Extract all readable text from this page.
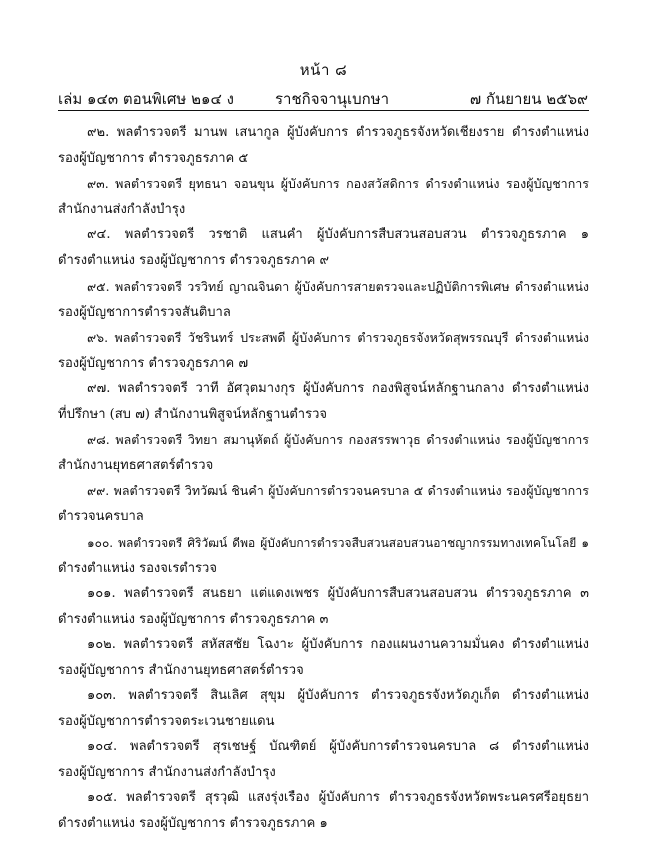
หน้า ๘
เล่ม ๑๔๓ ตอนพิเศษ ๒๑๔ ง	ราชกิจจานุเบกษา	๗ กันยายน ๒๕๖๙
๙๒. พลตำรวจตรี มานพ เสนากูล ผู้บังคับการ ตำรวจภูธรจังหวัดเชียงราย ดำรงตำแหน่ง
รองผู้บัญชาการ ตำรวจภูธรภาค ๕
๙๓. พลตำรวจตรี ยุทธนา จอนขุน ผู้บังคับการ กองสวัสดิการ ดำรงตำแหน่ง รองผู้บัญชาการ
สำนักงานส่งกำลังบำรุง
๙๔. พลตำรวจตรี วรชาติ แสนคำ ผู้บังคับการสืบสวนสอบสวน ตำรวจภูธรภาค ๑
ดำรงตำแหน่ง รองผู้บัญชาการ ตำรวจภูธรภาค ๙
๙๕. พลตำรวจตรี วรวิทย์ ญาณจินดา ผู้บังคับการสายตรวจและปฏิบัติการพิเศษ ดำรงตำแหน่ง
รองผู้บัญชาการตำรวจสันติบาล
๙๖. พลตำรวจตรี วัชรินทร์ ประสพดี ผู้บังคับการ ตำรวจภูธรจังหวัดสุพรรณบุรี ดำรงตำแหน่ง
รองผู้บัญชาการ ตำรวจภูธรภาค ๗
๙๗. พลตำรวจตรี วาที อัศวุตมางกุร ผู้บังคับการ กองพิสูจน์หลักฐานกลาง ดำรงตำแหน่ง
ที่ปรึกษา (สบ ๗) สำนักงานพิสูจน์หลักฐานตำรวจ
๙๘. พลตำรวจตรี วิทยา สมานุหัตถ์ ผู้บังคับการ กองสรรพาวุธ ดำรงตำแหน่ง รองผู้บัญชาการ
สำนักงานยุทธศาสตร์ตำรวจ
๙๙. พลตำรวจตรี วิทวัฒน์ ชินคำ ผู้บังคับการตำรวจนครบาล ๕ ดำรงตำแหน่ง รองผู้บัญชาการ
ตำรวจนครบาล
๑๐๐. พลตำรวจตรี ศิริวัฒน์ ดีพอ ผู้บังคับการตำรวจสืบสวนสอบสวนอาชญากรรมทางเทคโนโลยี ๑
ดำรงตำแหน่ง รองจเรตำรวจ
๑๐๑. พลตำรวจตรี สนธยา แต่แดงเพชร ผู้บังคับการสืบสวนสอบสวน ตำรวจภูธรภาค ๓
ดำรงตำแหน่ง รองผู้บัญชาการ ตำรวจภูธรภาค ๓
๑๐๒. พลตำรวจตรี สหัสสชัย โฉงาะ ผู้บังคับการ กองแผนงานความมั่นคง ดำรงตำแหน่ง
รองผู้บัญชาการ สำนักงานยุทธศาสตร์ตำรวจ
๑๐๓. พลตำรวจตรี สินเลิศ สุขุม ผู้บังคับการ ตำรวจภูธรจังหวัดภูเก็ต ดำรงตำแหน่ง
รองผู้บัญชาการตำรวจตระเวนชายแดน
๑๐๔. พลตำรวจตรี สุรเชษฐ์ บัณฑิตย์ ผู้บังคับการตำรวจนครบาล ๘ ดำรงตำแหน่ง
รองผู้บัญชาการ สำนักงานส่งกำลังบำรุง
๑๐๕. พลตำรวจตรี สุรวุฒิ แสงรุ่งเรือง ผู้บังคับการ ตำรวจภูธรจังหวัดพระนครศรีอยุธยา
ดำรงตำแหน่ง รองผู้บัญชาการ ตำรวจภูธรภาค ๑
